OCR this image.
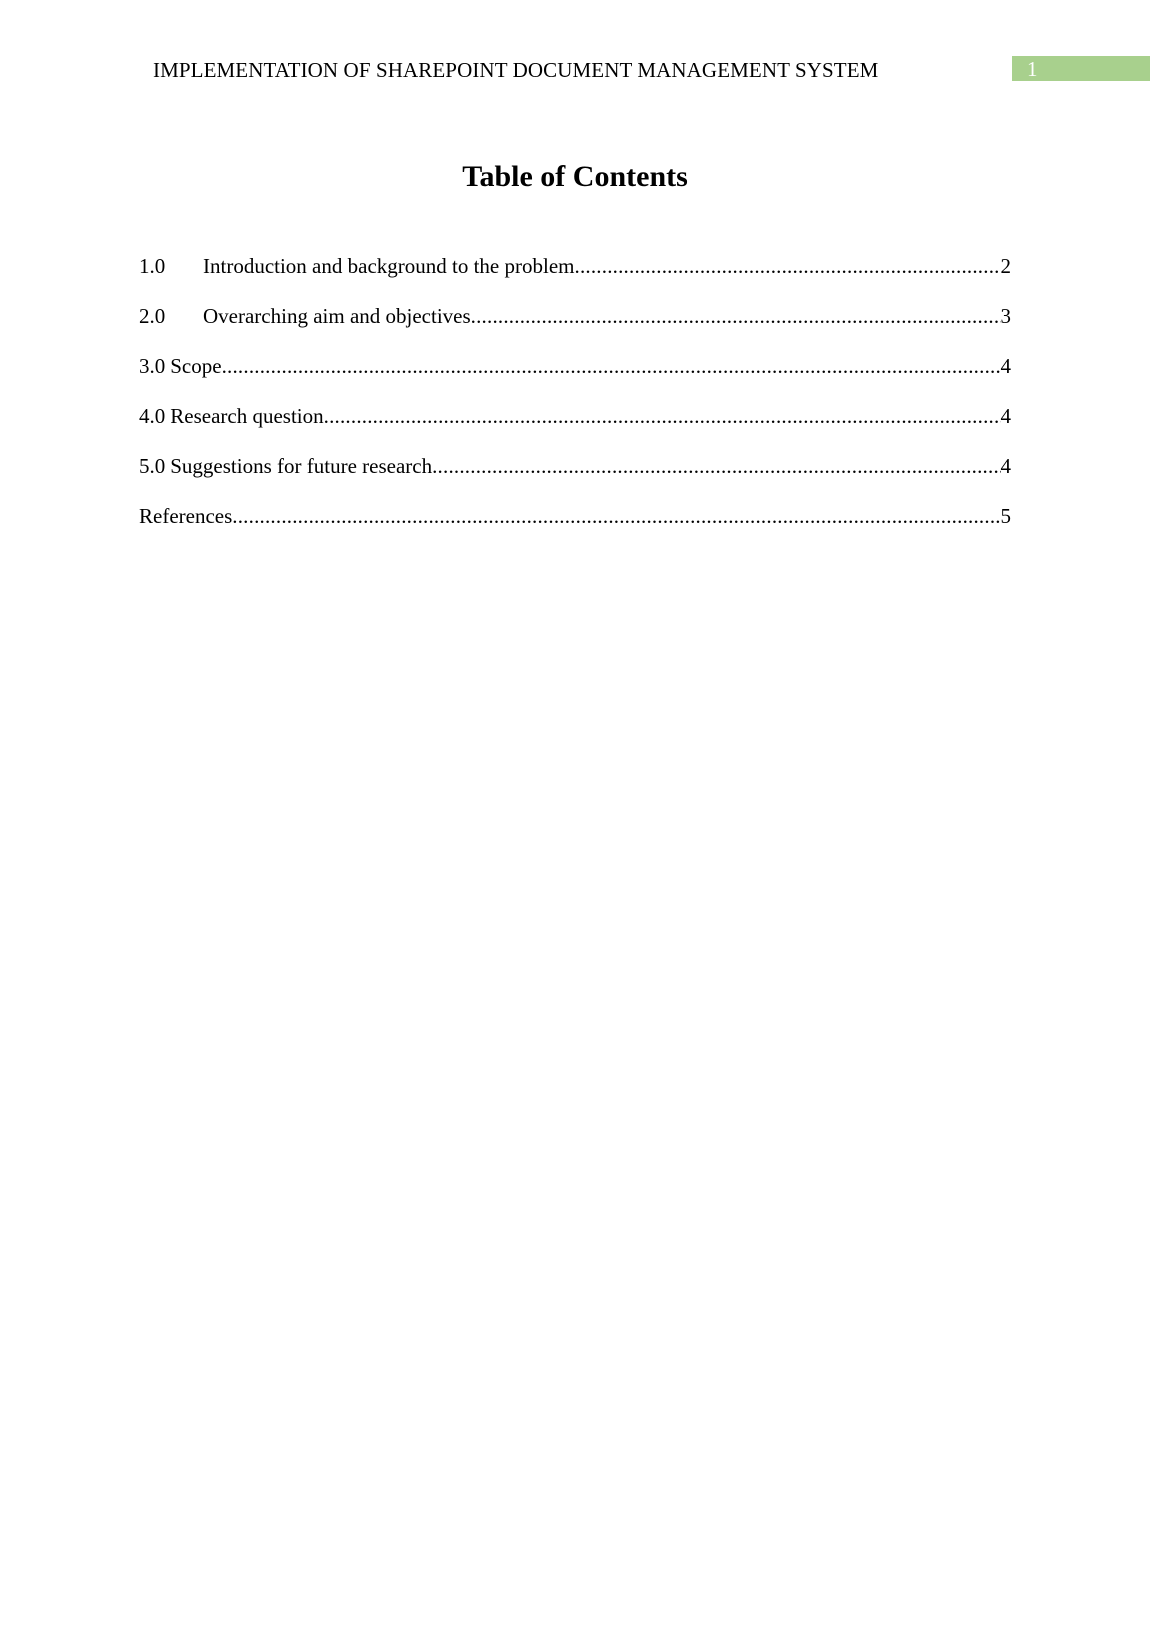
IMPLEMENTATION OF SHAREPOINT DOCUMENT MANAGEMENT SYSTEM	1
Table of Contents
1.0	Introduction and background to the problem .....	2
2.0	Overarching aim and objectives .....	3
3.0 Scope .....	4
4.0 Research question .....	4
5.0 Suggestions for future research .....	4
References .....	5
